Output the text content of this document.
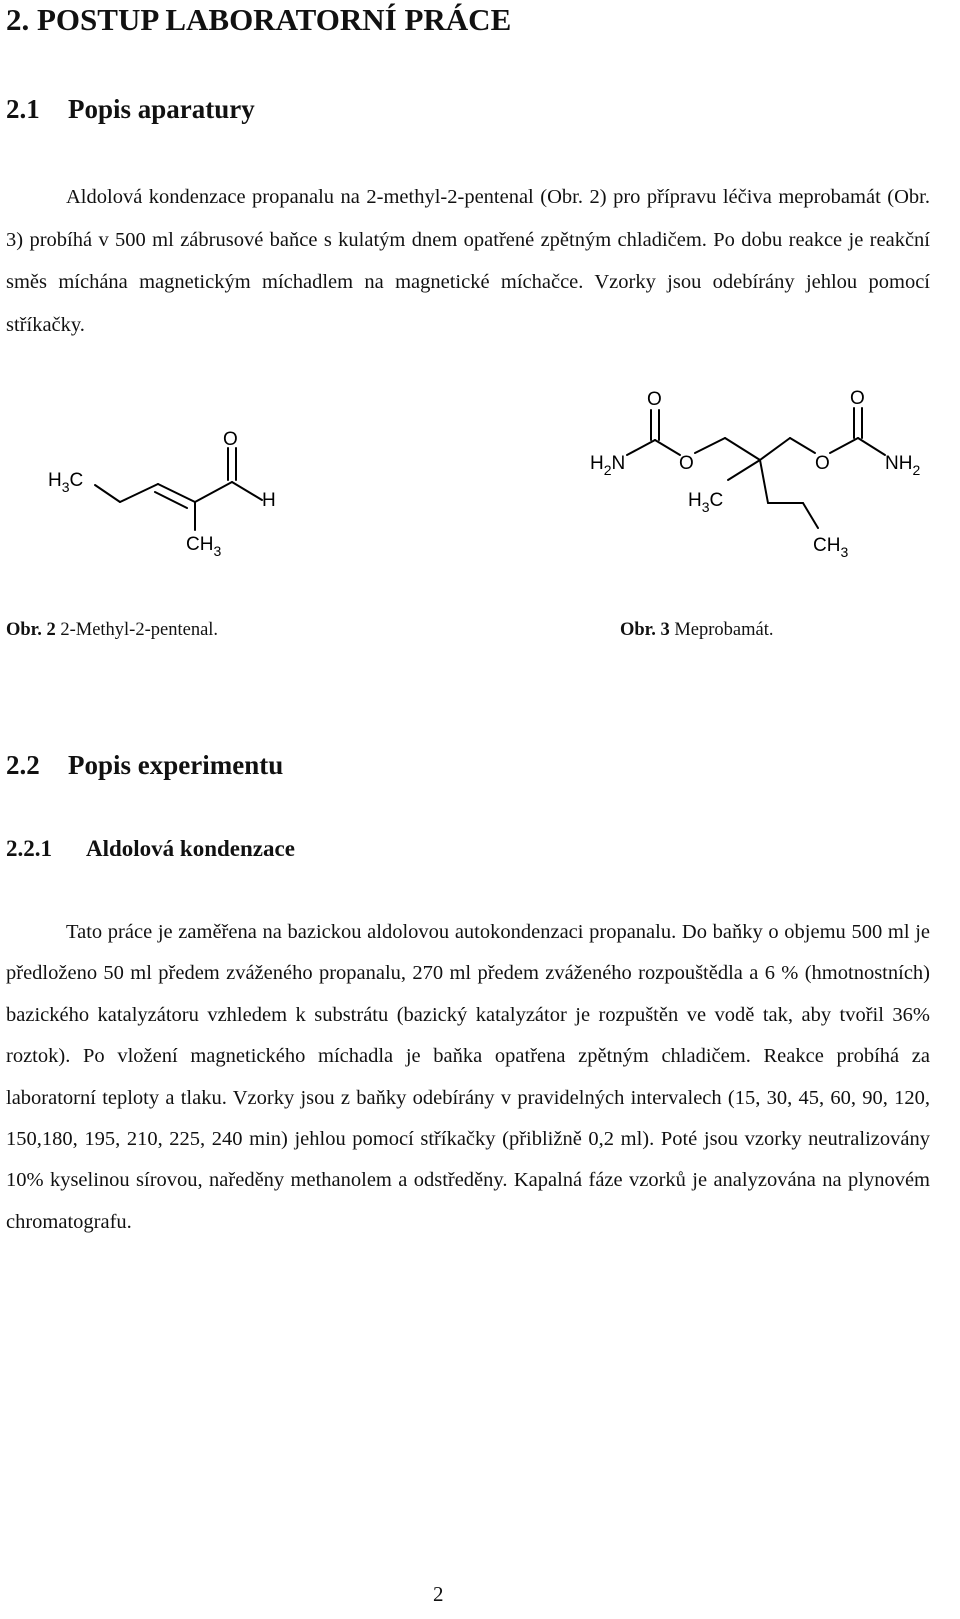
2. POSTUP LABORATORNÍ PRÁCE
2.1 Popis aparatury

Aldolová kondenzace propanalu na 2-methyl-2-pentenal (Obr. 2) pro přípravu léčiva meprobamát (Obr. 3) probíhá v 500 ml zábrusové baňce s kulatým dnem opatřené zpětným chladičem. Po dobu reakce je reakční směs míchána magnetickým míchadlem na magnetické míchačce. Vzorky jsou odebírány jehlou pomocí stříkačky.

$H_3C$
O
H
$CH_3$
$H_2N$
O
O	O
O
$NH_2$
$H_3C$
$CH_3$

Obr. 2 2-Methyl-2-pentenal.	Obr. 3 Meprobamát.

2.2 Popis experimentu
2.2.1 Aldolová kondenzace

Tato práce je zaměřena na bazickou aldolovou autokondenzaci propanalu. Do baňky o objemu 500 ml je předloženo 50 ml předem zváženého propanalu, 270 ml předem zváženého rozpouštědla a 6 % (hmotnostních) bazického katalyzátoru vzhledem k substrátu (bazický katalyzátor je rozpuštěn ve vodě tak, aby tvořil 36% roztok). Po vložení magnetického míchadla je baňka opatřena zpětným chladičem. Reakce probíhá za laboratorní teploty a tlaku. Vzorky jsou z baňky odebírány v pravidelných intervalech (15, 30, 45, 60, 90, 120, 150,180, 195, 210, 225, 240 min) jehlou pomocí stříkačky (přibližně 0,2 ml). Poté jsou vzorky neutralizovány 10% kyselinou sírovou, naředěny methanolem a odstředěny. Kapalná fáze vzorků je analyzována na plynovém chromatografu.

2
